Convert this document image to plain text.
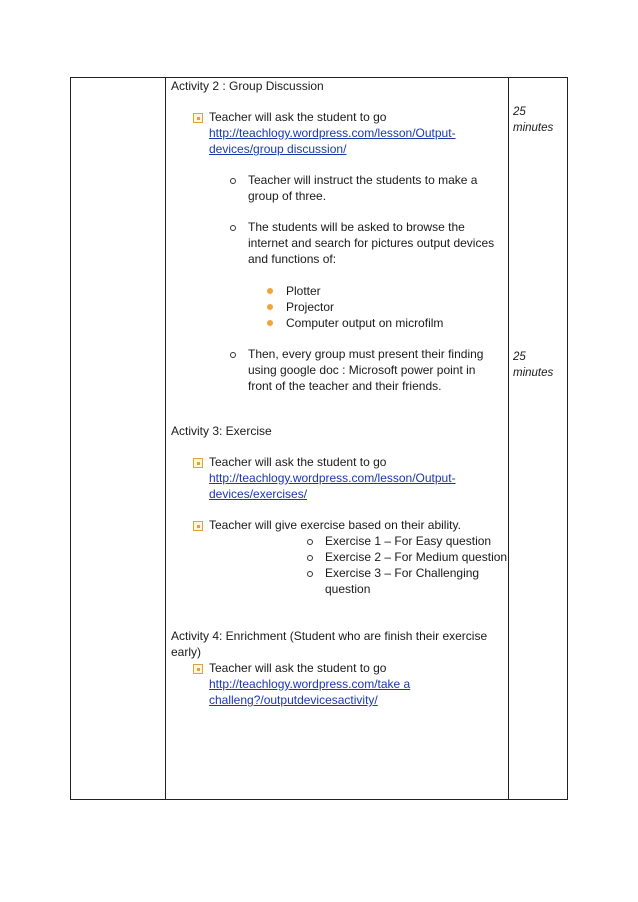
Activity 2 : Group Discussion
Teacher will ask the student to go
http://teachlogy.wordpress.com/lesson/Output-
devices/group discussion/
Teacher will instruct the students to make a
group of three.
The students will be asked to browse the
internet and search for pictures output devices
and functions of:
Plotter
Projector
Computer output on microfilm
Then, every group must present their finding
using google doc : Microsoft power point in
front of the teacher and their friends.
25
minutes
25
minutes
Activity 3: Exercise
Teacher will ask the student to go
http://teachlogy.wordpress.com/lesson/Output-
devices/exercises/
Teacher will give exercise based on their ability.
Exercise 1 – For Easy question
Exercise 2 – For Medium question
Exercise 3 – For Challenging
question
Activity 4: Enrichment (Student who are finish their exercise
early)
Teacher will ask the student to go
http://teachlogy.wordpress.com/take a
challeng?/outputdevicesactivity/
